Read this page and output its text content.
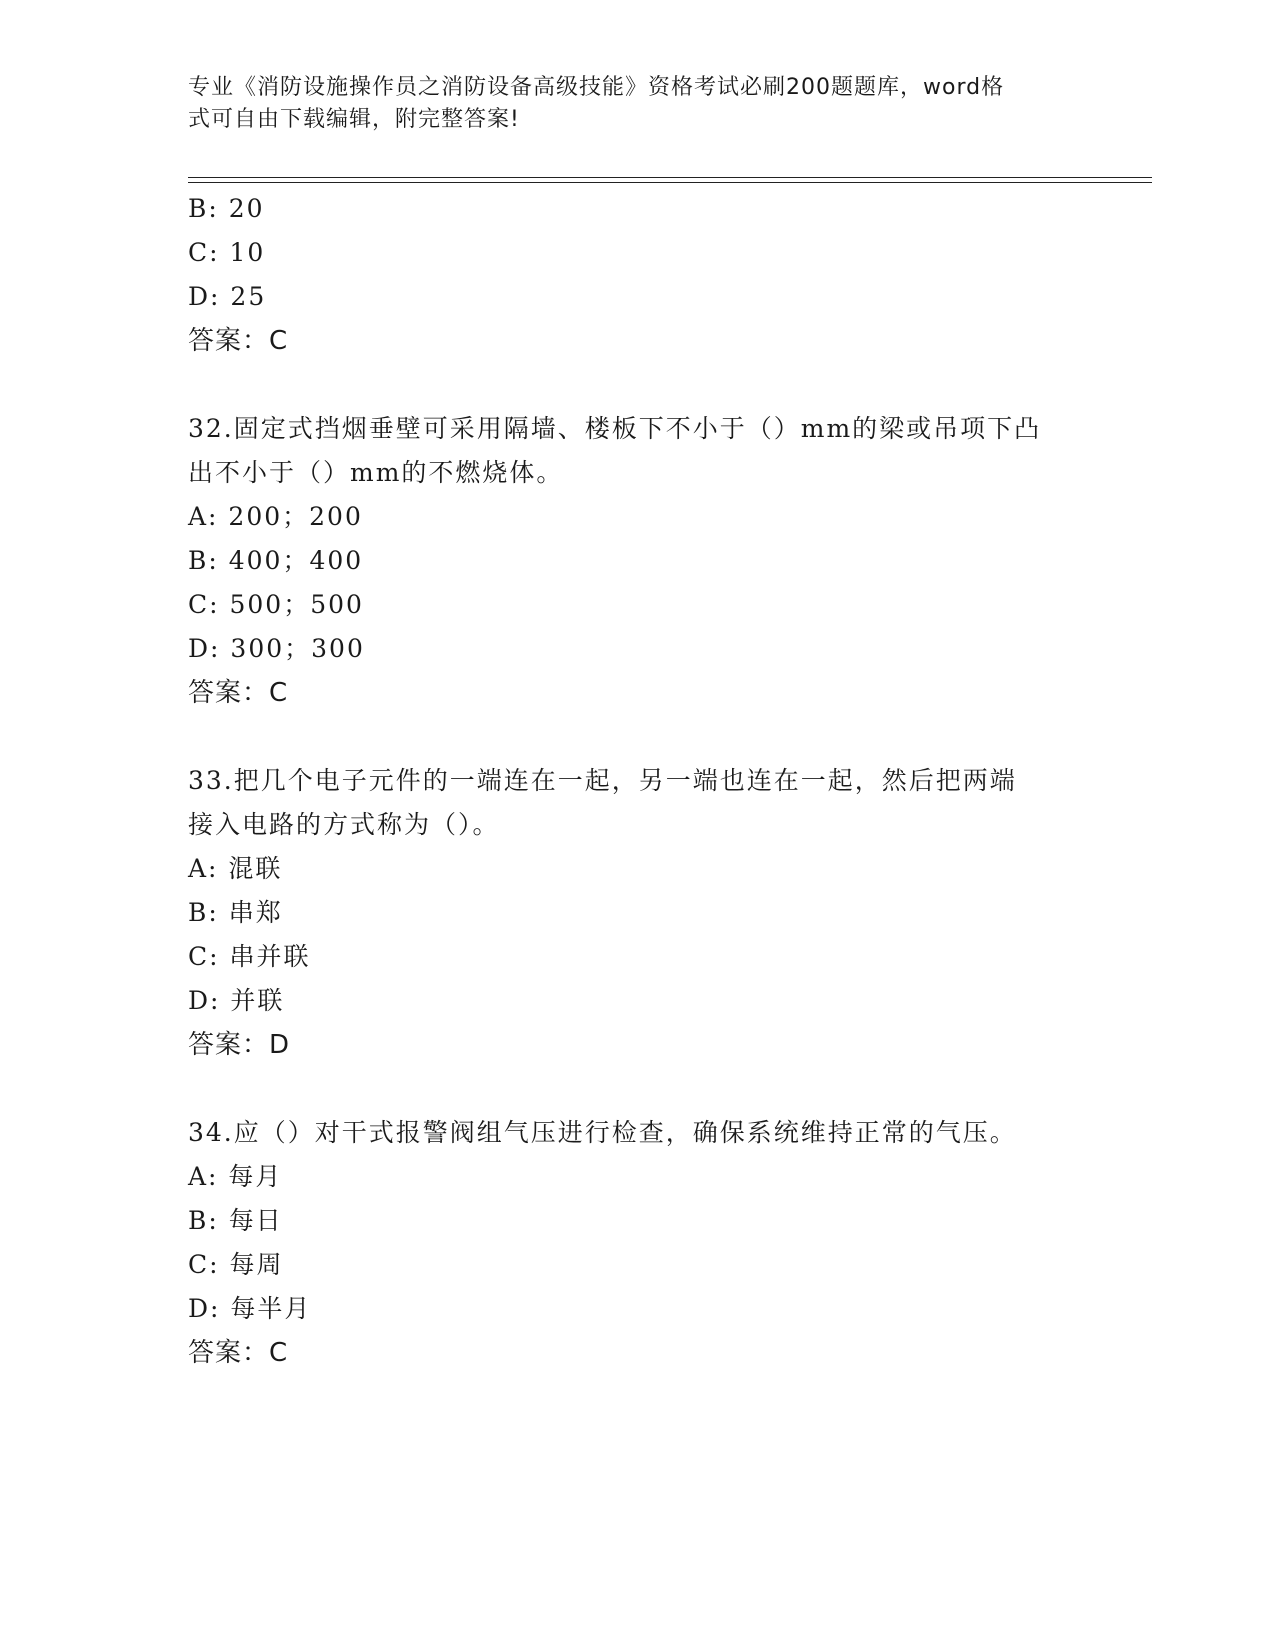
专业《消防设施操作员之消防设备高级技能》资格考试必刷200题题库，word格
式可自由下载编辑，附完整答案!
B: 20
C: 10
D: 25
答案：C
32.固定式挡烟垂壁可采用隔墙、楼板下不小于（）mm的梁或吊项下凸
出不小于（）mm的不燃烧体。
A: 200；200
B: 400；400
C: 500；500
D: 300；300
答案：C
33.把几个电子元件的一端连在一起，另一端也连在一起，然后把两端
接入电路的方式称为（）。
A: 混联
B: 串郑
C: 串并联
D: 并联
答案：D
34.应（）对干式报警阀组气压进行检查，确保系统维持正常的气压。
A: 每月
B: 每日
C: 每周
D: 每半月
答案：C
